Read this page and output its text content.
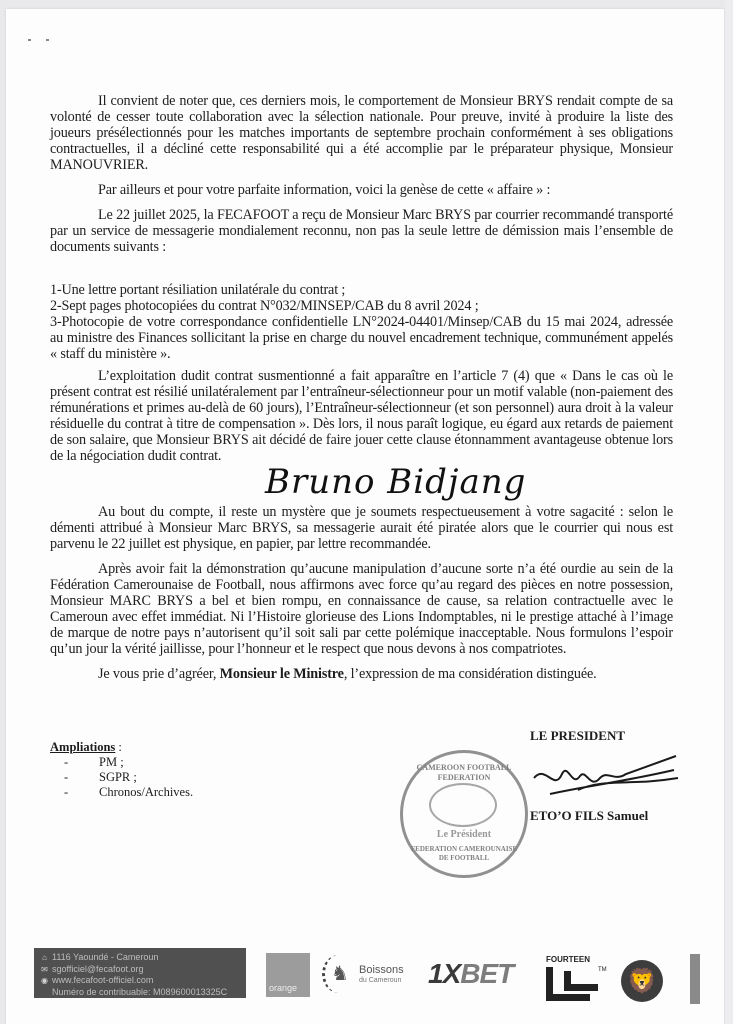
Il convient de noter que, ces derniers mois, le comportement de Monsieur BRYS rendait compte de sa volonté de cesser toute collaboration avec la sélection nationale. Pour preuve, invité à produire la liste des joueurs présélectionnés pour les matches importants de septembre prochain conformément à ses obligations contractuelles, il a décliné cette responsabilité qui a été accomplie par le préparateur physique, Monsieur MANOUVRIER.

Par ailleurs et pour votre parfaite information, voici la genèse de cette « affaire » :

Le 22 juillet 2025, la FECAFOOT a reçu de Monsieur Marc BRYS par courrier recommandé transporté par un service de messagerie mondialement reconnu, non pas la seule lettre de démission mais l’ensemble de documents suivants :

1-Une lettre portant résiliation unilatérale du contrat ;
2-Sept pages photocopiées du contrat N°032/MINSEP/CAB du 8 avril 2024 ;
3-Photocopie de votre correspondance confidentielle LN°2024-04401/Minsep/CAB du 15 mai 2024, adressée au ministre des Finances sollicitant la prise en charge du nouvel encadrement technique, communément appelés « staff du ministère ».

L’exploitation dudit contrat susmentionné a fait apparaître en l’article 7 (4) que « Dans le cas où le présent contrat est résilié unilatéralement par l’entraîneur-sélectionneur pour un motif valable (non-paiement des rémunérations et primes au-delà de 60 jours), l’Entraîneur-sélectionneur (et son personnel) aura droit à la valeur résiduelle du contrat à titre de compensation ». Dès lors, il nous paraît logique, eu égard aux retards de paiement de son salaire, que Monsieur BRYS ait décidé de faire jouer cette clause étonnamment avantageuse obtenue lors de la négociation dudit contrat.

Bruno Bidjang

Au bout du compte, il reste un mystère que je soumets respectueusement à votre sagacité : selon le démenti attribué à Monsieur Marc BRYS, sa messagerie aurait été piratée alors que le courrier qui nous est parvenu le 22 juillet est physique, en papier, par lettre recommandée.

Après avoir fait la démonstration qu’aucune manipulation d’aucune sorte n’a été ourdie au sein de la Fédération Camerounaise de Football, nous affirmons avec force qu’au regard des pièces en notre possession, Monsieur MARC BRYS a bel et bien rompu, en connaissance de cause, sa relation contractuelle avec le Cameroun avec effet immédiat. Ni l’Histoire glorieuse des Lions Indomptables, ni le prestige attaché à l’image de marque de notre pays n’autorisent qu’il soit sali par cette polémique inacceptable. Nous formulons l’espoir qu’un jour la vérité jaillisse, pour l’honneur et le respect que nous devons à nos compatriotes.

Je vous prie d’agréer, Monsieur le Ministre, l’expression de ma considération distinguée.

Ampliations :
- PM ;
- SGPR ;
- Chronos/Archives.
LE PRESIDENT
CAMEROON FOOTBALL FEDERATION
Le Président
FEDERATION CAMEROUNAISE DE FOOTBALL
ETO’O FILS Samuel
⌂ 1116 Yaoundé - Cameroun
✉ sgofficiel@fecafoot.org
◉ www.fecafoot-officiel.com
Numéro de contribuable: M089600013325C	orange
♞
Boissons
du Cameroun 1XBET	FOURTEEN
TM 🦁
